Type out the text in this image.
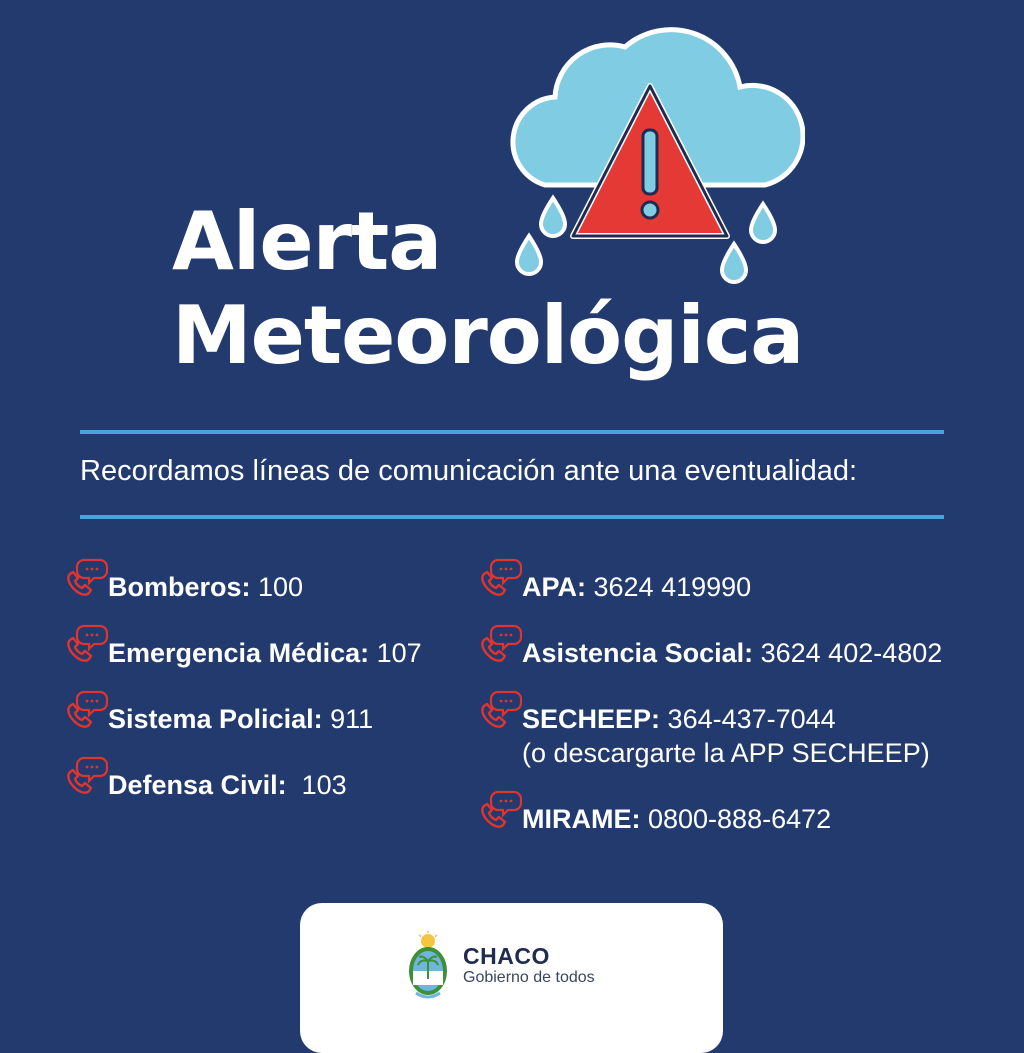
Alerta
Meteorológica
Recordamos líneas de comunicación ante una eventualidad:
Bomberos: 100
Emergencia Médica: 107
Sistema Policial: 911
Defensa Civil:  103
APA: 3624 419990
Asistencia Social: 3624 402-4802
SECHEEP: 364-437-7044
(o descargarte la APP SECHEEP)
MIRAME: 0800-888-6472
CHACO
Gobierno de todos
